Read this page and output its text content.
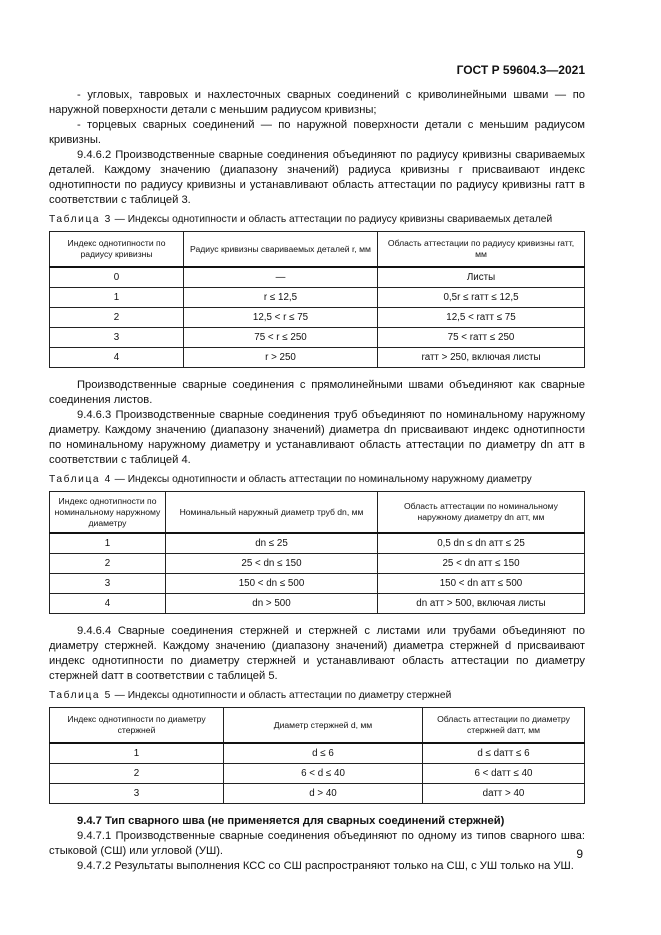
ГОСТ Р 59604.3—2021

- угловых, тавровых и нахлесточных сварных соединений с криволинейными швами — по наружной поверхности детали с меньшим радиусом кривизны;

- торцевых сварных соединений — по наружной поверхности детали с меньшим радиусом кривизны.

9.4.6.2 Производственные сварные соединения объединяют по радиусу кривизны свариваемых деталей. Каждому значению (диапазону значений) радиуса кривизны r присваивают индекс однотипности по радиусу кривизны и устанавливают область аттестации по радиусу кривизны rатт в соответствии с таблицей 3.

Таблица 3 — Индексы однотипности и область аттестации по радиусу кривизны свариваемых деталей
Индекс однотипности по радиусу кривизны	Радиус кривизны свариваемых деталей r, мм	Область аттестации по радиусу кривизны rатт, мм
0	—	Листы
1	r ≤ 12,5	0,5r ≤ rатт ≤ 12,5
2	12,5 < r ≤ 75	12,5 < rатт ≤ 75
3	75 < r ≤ 250	75 < rатт ≤ 250
4	r > 250	rатт > 250, включая листы

Производственные сварные соединения с прямолинейными швами объединяют как сварные соединения листов.

9.4.6.3 Производственные сварные соединения труб объединяют по номинальному наружному диаметру. Каждому значению (диапазону значений) диаметра dn присваивают индекс однотипности по номинальному наружному диаметру и устанавливают область аттестации по диаметру dn атт в соответствии с таблицей 4.

Таблица 4 — Индексы однотипности и область аттестации по номинальному наружному диаметру
Индекс однотипности по номинальному наружному диаметру	Номинальный наружный диаметр труб dn, мм	Область аттестации по номинальному наружному диаметру dn атт, мм
1	dn ≤ 25	0,5 dn ≤ dn атт ≤ 25
2	25 < dn ≤ 150	25 < dn атт ≤ 150
3	150 < dn ≤ 500	150 < dn атт ≤ 500
4	dn > 500	dn атт > 500, включая листы

9.4.6.4 Сварные соединения стержней и стержней с листами или трубами объединяют по диаметру стержней. Каждому значению (диапазону значений) диаметра стержней d присваивают индекс однотипности по диаметру стержней и устанавливают область аттестации по диаметру стержней dатт в соответствии с таблицей 5.

Таблица 5 — Индексы однотипности и область аттестации по диаметру стержней
Индекс однотипности по диаметру стержней	Диаметр стержней d, мм	Область аттестации по диаметру стержней dатт, мм
1	d ≤ 6	d ≤ dатт ≤ 6
2	6 < d ≤ 40	6 < dатт ≤ 40
3	d > 40	dатт > 40

9.4.7 Тип сварного шва (не применяется для сварных соединений стержней)

9.4.7.1 Производственные сварные соединения объединяют по одному из типов сварного шва: стыковой (СШ) или угловой (УШ).

9.4.7.2 Результаты выполнения КСС со СШ распространяют только на СШ, с УШ только на УШ.

9
